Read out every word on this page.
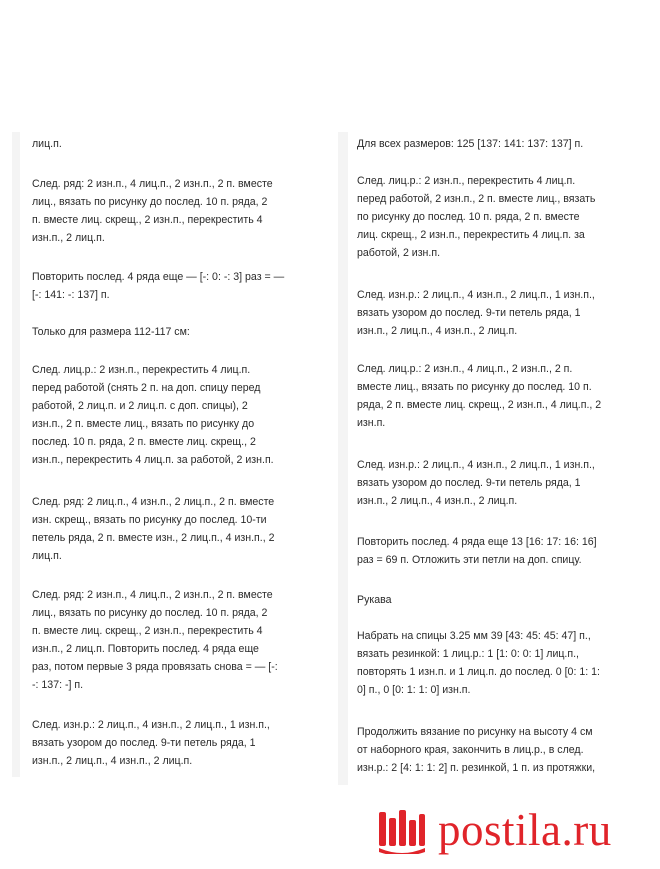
лиц.п.

След. ряд: 2 изн.п., 4 лиц.п., 2 изн.п., 2 п. вместе
лиц., вязать по рисунку до послед. 10 п. ряда, 2
п. вместе лиц. скрещ., 2 изн.п., перекрестить 4
изн.п., 2 лиц.п.

Повторить послед. 4 ряда еще — [-: 0: -: 3] раз = —
[-: 141: -: 137] п.

Только для размера 112-117 см:

След. лиц.р.: 2 изн.п., перекрестить 4 лиц.п.
перед работой (снять 2 п. на доп. спицу перед
работой, 2 лиц.п. и 2 лиц.п. с доп. спицы), 2
изн.п., 2 п. вместе лиц., вязать по рисунку до
послед. 10 п. ряда, 2 п. вместе лиц. скрещ., 2
изн.п., перекрестить 4 лиц.п. за работой, 2 изн.п.

След. ряд: 2 лиц.п., 4 изн.п., 2 лиц.п., 2 п. вместе
изн. скрещ., вязать по рисунку до послед. 10-ти
петель ряда, 2 п. вместе изн., 2 лиц.п., 4 изн.п., 2
лиц.п.

След. ряд: 2 изн.п., 4 лиц.п., 2 изн.п., 2 п. вместе
лиц., вязать по рисунку до послед. 10 п. ряда, 2
п. вместе лиц. скрещ., 2 изн.п., перекрестить 4
изн.п., 2 лиц.п. Повторить послед. 4 ряда еще
раз, потом первые 3 ряда провязать снова = — [-:
-: 137: -] п.

След. изн.р.: 2 лиц.п., 4 изн.п., 2 лиц.п., 1 изн.п.,
вязать узором до послед. 9-ти петель ряда, 1
изн.п., 2 лиц.п., 4 изн.п., 2 лиц.п.

Для всех размеров: 125 [137: 141: 137: 137] п.

След. лиц.р.: 2 изн.п., перекрестить 4 лиц.п.
перед работой, 2 изн.п., 2 п. вместе лиц., вязать
по рисунку до послед. 10 п. ряда, 2 п. вместе
лиц. скрещ., 2 изн.п., перекрестить 4 лиц.п. за
работой, 2 изн.п.

След. изн.р.: 2 лиц.п., 4 изн.п., 2 лиц.п., 1 изн.п.,
вязать узором до послед. 9-ти петель ряда, 1
изн.п., 2 лиц.п., 4 изн.п., 2 лиц.п.

След. лиц.р.: 2 изн.п., 4 лиц.п., 2 изн.п., 2 п.
вместе лиц., вязать по рисунку до послед. 10 п.
ряда, 2 п. вместе лиц. скрещ., 2 изн.п., 4 лиц.п., 2
изн.п.

След. изн.р.: 2 лиц.п., 4 изн.п., 2 лиц.п., 1 изн.п.,
вязать узором до послед. 9-ти петель ряда, 1
изн.п., 2 лиц.п., 4 изн.п., 2 лиц.п.

Повторить послед. 4 ряда еще 13 [16: 17: 16: 16]
раз = 69 п. Отложить эти петли на доп. спицу.

Рукава

Набрать на спицы 3.25 мм 39 [43: 45: 45: 47] п.,
вязать резинкой: 1 лиц.р.: 1 [1: 0: 0: 1] лиц.п.,
повторять 1 изн.п. и 1 лиц.п. до послед. 0 [0: 1: 1:
0] п., 0 [0: 1: 1: 0] изн.п.

Продолжить вязание по рисунку на высоту 4 см
от наборного края, закончить в лиц.р., в след.
изн.р.: 2 [4: 1: 1: 2] п. резинкой, 1 п. из протяжки,

postila.ru
